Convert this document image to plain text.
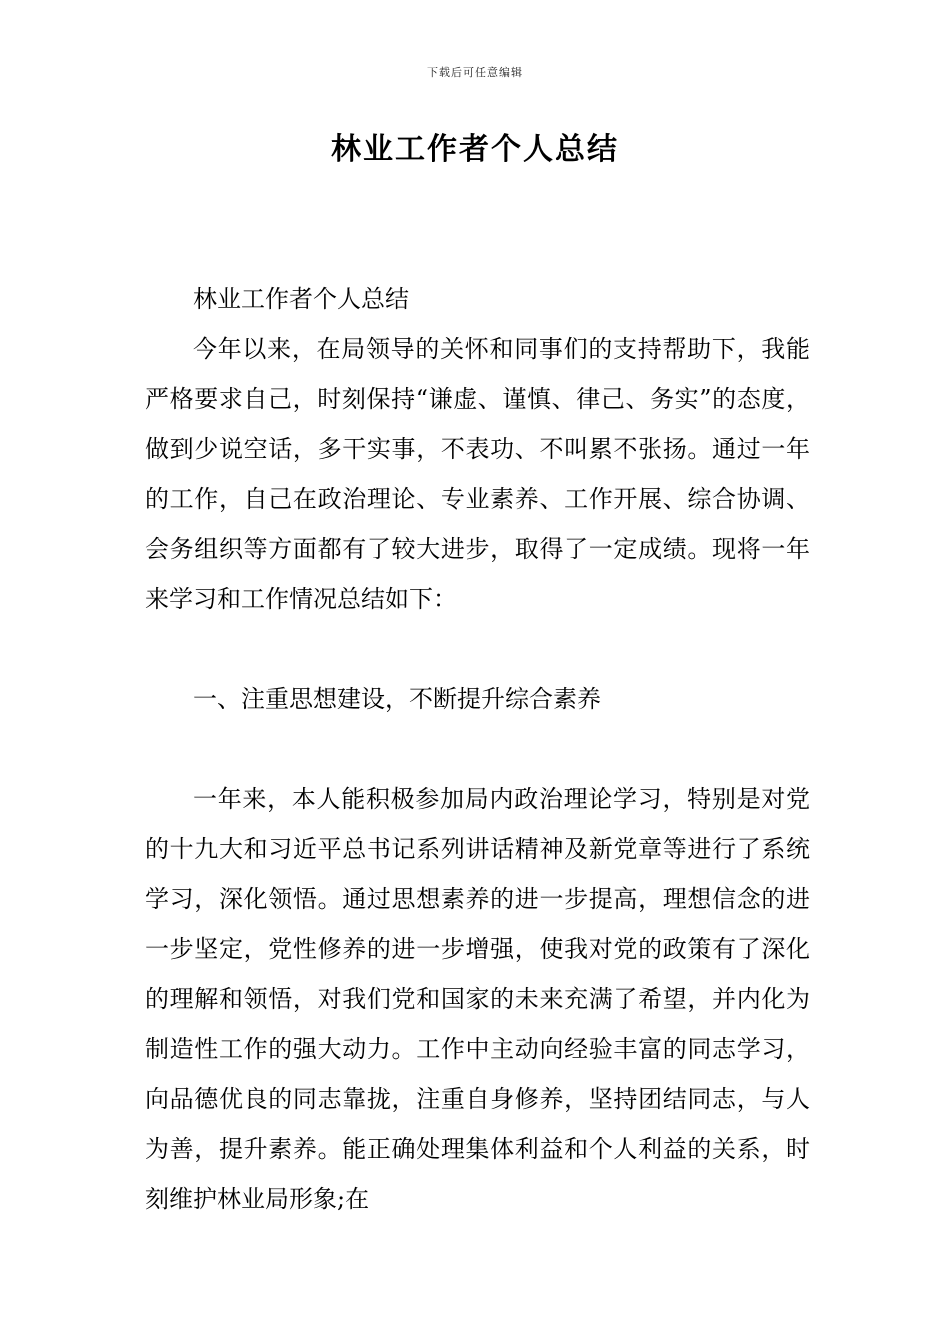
下载后可任意编辑
林业工作者个人总结

林业工作者个人总结

今年以来，在局领导的关怀和同事们的支持帮助下，我能严格要求自己，时刻保持“谦虚、谨慎、律己、务实”的态度，做到少说空话，多干实事，不表功、不叫累不张扬。通过一年的工作，自己在政治理论、专业素养、工作开展、综合协调、会务组织等方面都有了较大进步，取得了一定成绩。现将一年来学习和工作情况总结如下：

一、注重思想建设，不断提升综合素养

一年来，本人能积极参加局内政治理论学习，特别是对党的十九大和习近平总书记系列讲话精神及新党章等进行了系统学习，深化领悟。通过思想素养的进一步提高，理想信念的进一步坚定，党性修养的进一步增强，使我对党的政策有了深化的理解和领悟，对我们党和国家的未来充满了希望，并内化为制造性工作的强大动力。工作中主动向经验丰富的同志学习，向品德优良的同志靠拢，注重自身修养，坚持团结同志，与人为善，提升素养。能正确处理集体利益和个人利益的关系，时刻维护林业局形象;在
